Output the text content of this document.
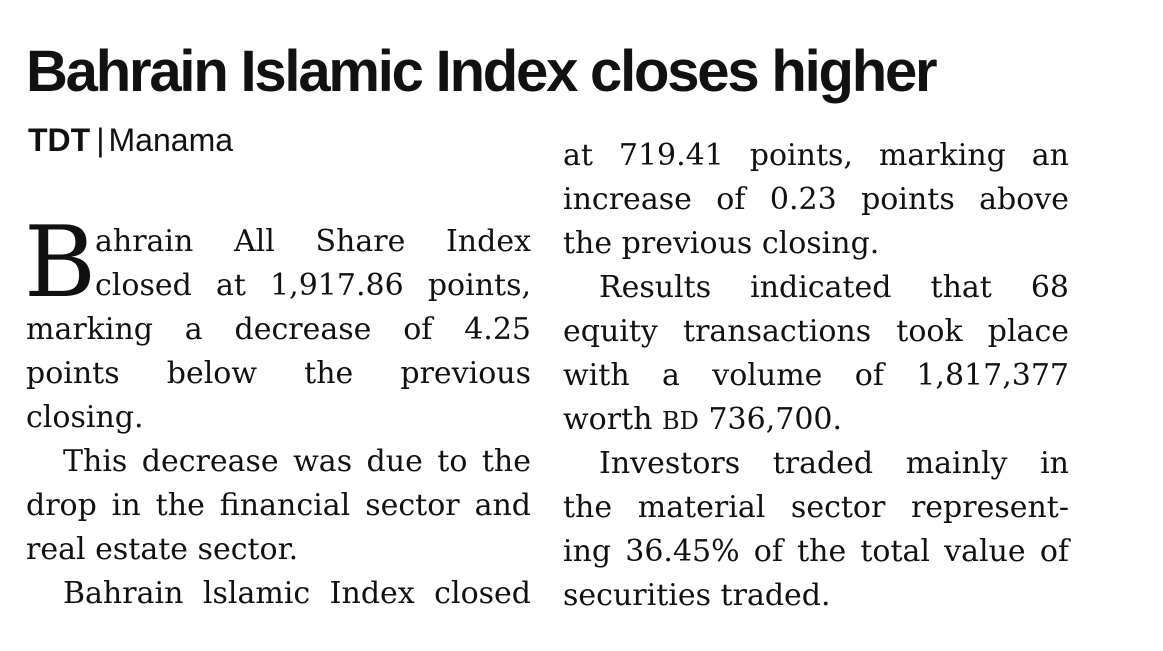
Bahrain Islamic Index closes higher
TDT | Manama
B

ahrain All Share Index

closed at 1,917.86 points,

marking a decrease of 4.25

points below the previous

closing.

This decrease was due to the

drop in the financial sector and

real estate sector.

Bahrain lslamic Index closed

at 719.41 points, marking an

increase of 0.23 points above

the previous closing.

Results indicated that 68

equity transactions took place

with a volume of 1,817,377

worth BD 736,700.

Investors traded mainly in

the material sector represent-

ing 36.45% of the total value of

securities traded.
